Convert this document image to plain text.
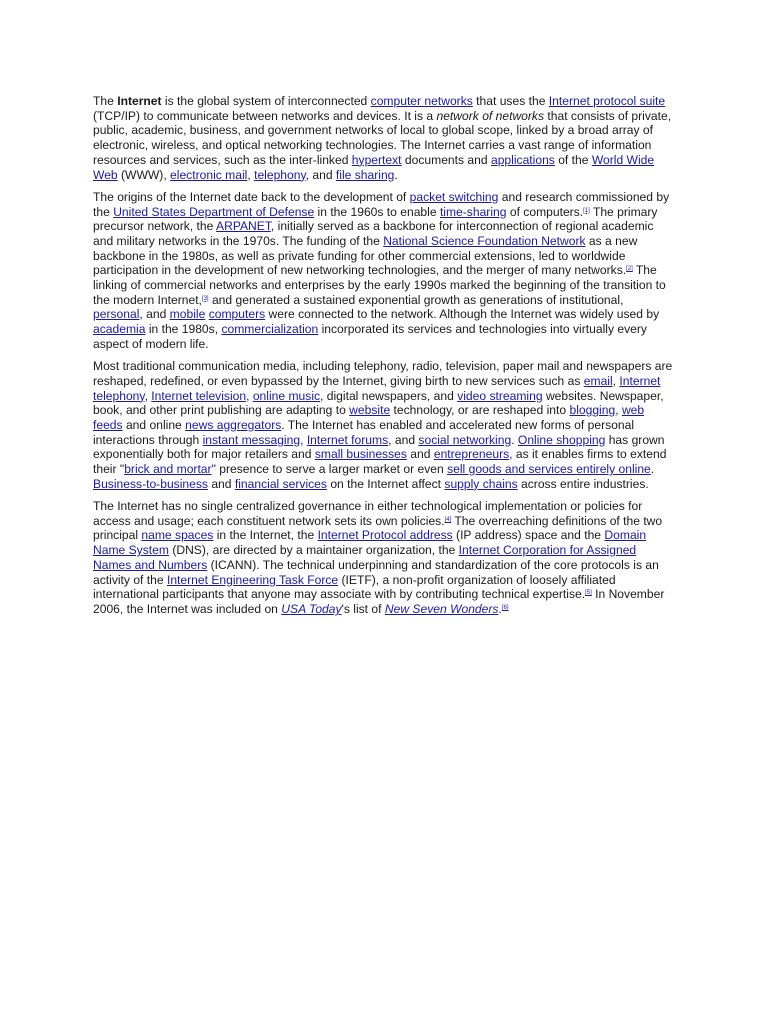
The Internet is the global system of interconnected computer networks that uses the Internet protocol suite (TCP/IP) to communicate between networks and devices. It is a network of networks that consists of private, public, academic, business, and government networks of local to global scope, linked by a broad array of electronic, wireless, and optical networking technologies. The Internet carries a vast range of information resources and services, such as the inter-linked hypertext documents and applications of the World Wide Web (WWW), electronic mail, telephony, and file sharing.

The origins of the Internet date back to the development of packet switching and research commissioned by the United States Department of Defense in the 1960s to enable time-sharing of computers.[1] The primary precursor network, the ARPANET, initially served as a backbone for interconnection of regional academic and military networks in the 1970s. The funding of the National Science Foundation Network as a new backbone in the 1980s, as well as private funding for other commercial extensions, led to worldwide participation in the development of new networking technologies, and the merger of many networks.[2] The linking of commercial networks and enterprises by the early 1990s marked the beginning of the transition to the modern Internet,[3] and generated a sustained exponential growth as generations of institutional, personal, and mobile computers were connected to the network. Although the Internet was widely used by academia in the 1980s, commercialization incorporated its services and technologies into virtually every aspect of modern life.

Most traditional communication media, including telephony, radio, television, paper mail and newspapers are reshaped, redefined, or even bypassed by the Internet, giving birth to new services such as email, Internet telephony, Internet television, online music, digital newspapers, and video streaming websites. Newspaper, book, and other print publishing are adapting to website technology, or are reshaped into blogging, web feeds and online news aggregators. The Internet has enabled and accelerated new forms of personal interactions through instant messaging, Internet forums, and social networking. Online shopping has grown exponentially both for major retailers and small businesses and entrepreneurs, as it enables firms to extend their "brick and mortar" presence to serve a larger market or even sell goods and services entirely online. Business-to-business and financial services on the Internet affect supply chains across entire industries.

The Internet has no single centralized governance in either technological implementation or policies for access and usage; each constituent network sets its own policies.[4] The overreaching definitions of the two principal name spaces in the Internet, the Internet Protocol address (IP address) space and the Domain Name System (DNS), are directed by a maintainer organization, the Internet Corporation for Assigned Names and Numbers (ICANN). The technical underpinning and standardization of the core protocols is an activity of the Internet Engineering Task Force (IETF), a non-profit organization of loosely affiliated international participants that anyone may associate with by contributing technical expertise.[5] In November 2006, the Internet was included on USA Today's list of New Seven Wonders.[6]
